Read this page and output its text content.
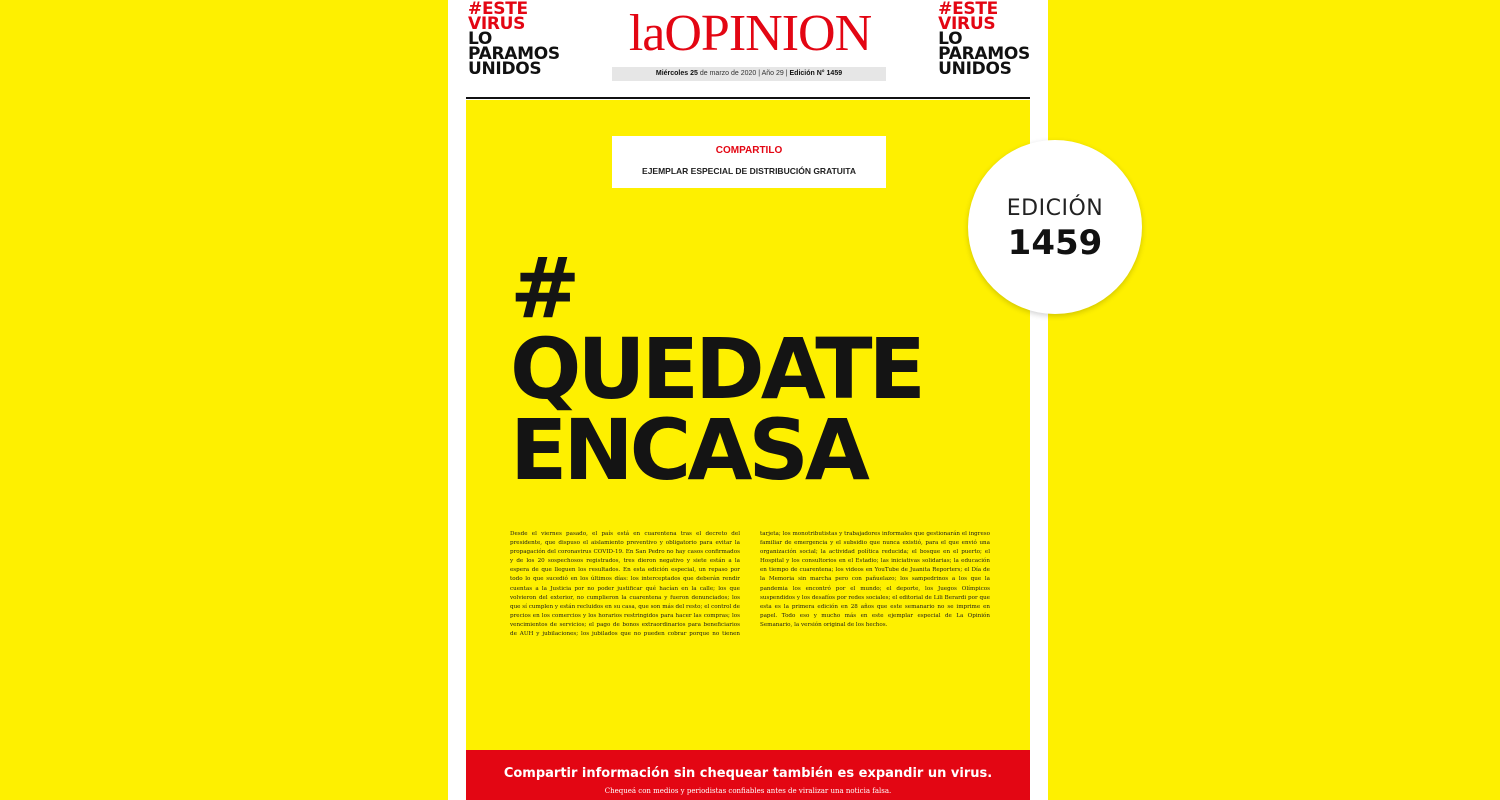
#ESTE
VIRUS
LO
PARAMOS
UNIDOS
laOPINION
Miércoles 25 de marzo de 2020 | Año 29 | Edición N° 1459
#ESTE
VIRUS
LO
PARAMOS
UNIDOS
COMPARTILO
EJEMPLAR ESPECIAL DE DISTRIBUCIÓN GRATUITA
#
QUEDATE
ENCASA
Desde el viernes pasado, el país está en cuarentena tras el decreto del presidente, que dispuso el aislamiento preventivo y obligatorio para evitar la propagación del coronavirus COVID-19. En San Pedro no hay casos confirmados y de los 20 sospechosos registrados, tres dieron negativo y siete están a la espera de que lleguen los resultados. En esta edición especial, un repaso por todo lo que sucedió en los últimos días: los interceptados que deberán rendir cuentas a la Justicia por no poder justificar qué hacían en la calle; los que volvieron del exterior, no cumplieron la cuarentena y fueron denunciados; los que sí cumplen y están recluidos en su casa, que son más del resto; el control de precios en los comercios y los horarios restringidos para hacer las compras; los vencimientos de servicios; el pago de bonos extraordinarios para beneficiarios de AUH y jubilaciones; los jubilados que no pueden cobrar porque no tienen tarjeta; los monotributistas y trabajadores informales que gestionarán el ingreso familiar de emergencia y el subsidio que nunca existió, para el que envió una organización social; la actividad política reducida; el bosque en el puerto; el Hospital y los consultorios en el Estadio; las iniciativas solidarias; la educación en tiempo de cuarentena; los videos en YouTube de Juanita Reporters; el Día de la Memoria sin marcha pero con pañuelazo; los sampedrinos a los que la pandemia los encontró por el mundo; el deporte, los Juegos Olímpicos suspendidos y los desafíos por redes sociales; el editorial de Lili Berardi por que esta es la primera edición en 28 años que este semanario no se imprime en papel. Todo eso y mucho más en este ejemplar especial de La Opinión Semanario, la versión original de los hechos.
Compartir información sin chequear también es expandir un virus.
Chequeá con medios y periodistas confiables antes de viralizar una noticia falsa.
EDICIÓN
1459
